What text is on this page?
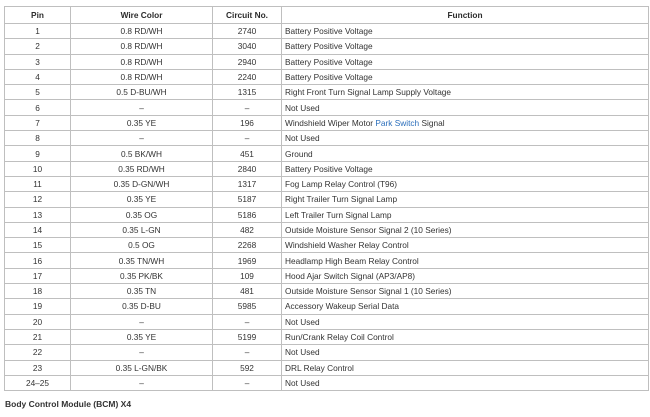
Pin	Wire Color	Circuit No.	Function
1	0.8 RD/WH	2740	Battery Positive Voltage
2	0.8 RD/WH	3040	Battery Positive Voltage
3	0.8 RD/WH	2940	Battery Positive Voltage
4	0.8 RD/WH	2240	Battery Positive Voltage
5	0.5 D-BU/WH	1315	Right Front Turn Signal Lamp Supply Voltage
6	–	–	Not Used
7	0.35 YE	196	Windshield Wiper Motor Park Switch Signal
8	–	–	Not Used
9	0.5 BK/WH	451	Ground
10	0.35 RD/WH	2840	Battery Positive Voltage
11	0.35 D-GN/WH	1317	Fog Lamp Relay Control (T96)
12	0.35 YE	5187	Right Trailer Turn Signal Lamp
13	0.35 OG	5186	Left Trailer Turn Signal Lamp
14	0.35 L-GN	482	Outside Moisture Sensor Signal 2 (10 Series)
15	0.5 OG	2268	Windshield Washer Relay Control
16	0.35 TN/WH	1969	Headlamp High Beam Relay Control
17	0.35 PK/BK	109	Hood Ajar Switch Signal (AP3/AP8)
18	0.35 TN	481	Outside Moisture Sensor Signal 1 (10 Series)
19	0.35 D-BU	5985	Accessory Wakeup Serial Data
20	–	–	Not Used
21	0.35 YE	5199	Run/Crank Relay Coil Control
22	–	–	Not Used
23	0.35 L-GN/BK	592	DRL Relay Control
24–25	–	–	Not Used
Body Control Module (BCM) X4
